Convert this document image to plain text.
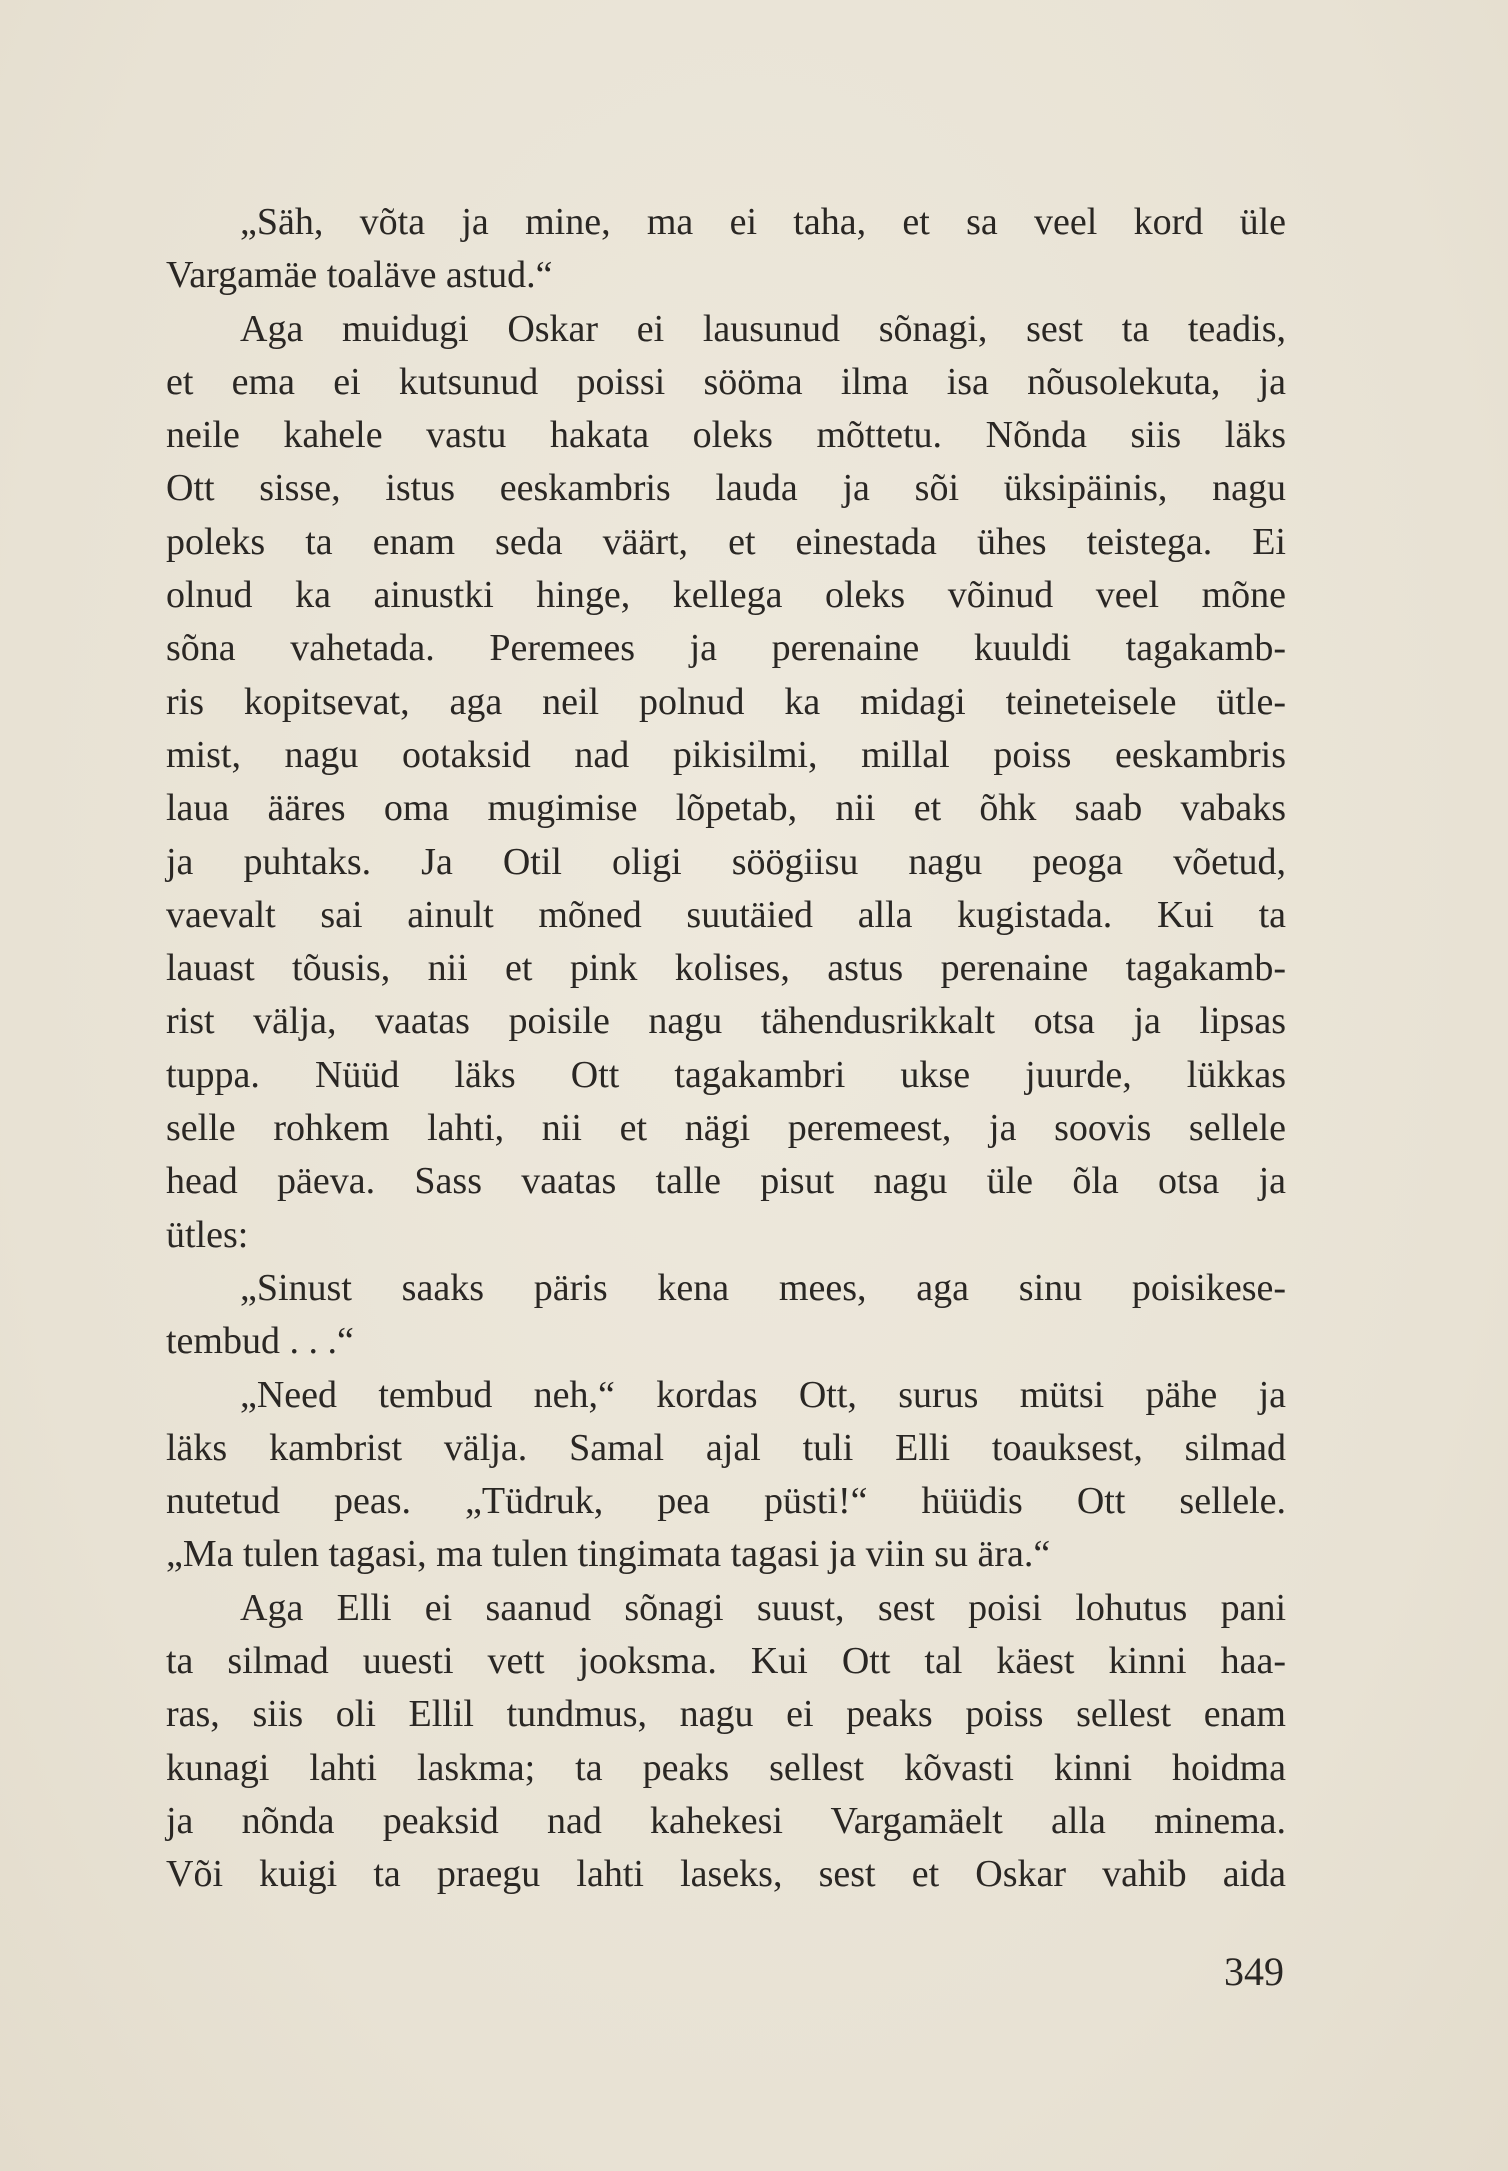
„Säh, võta ja mine, ma ei taha, et sa veel kord üle
Vargamäe toaläve astud.“
Aga muidugi Oskar ei lausunud sõnagi, sest ta teadis,
et ema ei kutsunud poissi sööma ilma isa nõusolekuta, ja
neile kahele vastu hakata oleks mõttetu. Nõnda siis läks
Ott sisse, istus eeskambris lauda ja sõi üksipäinis, nagu
poleks ta enam seda väärt, et einestada ühes teistega. Ei
olnud ka ainustki hinge, kellega oleks võinud veel mõne
sõna vahetada. Peremees ja perenaine kuuldi tagakamb-
ris kopitsevat, aga neil polnud ka midagi teineteisele ütle-
mist, nagu ootaksid nad pikisilmi, millal poiss eeskambris
laua ääres oma mugimise lõpetab, nii et õhk saab vabaks
ja puhtaks. Ja Otil oligi söögiisu nagu peoga võetud,
vaevalt sai ainult mõned suutäied alla kugistada. Kui ta
lauast tõusis, nii et pink kolises, astus perenaine tagakamb-
rist välja, vaatas poisile nagu tähendusrikkalt otsa ja lipsas
tuppa. Nüüd läks Ott tagakambri ukse juurde, lükkas
selle rohkem lahti, nii et nägi peremeest, ja soovis sellele
head päeva. Sass vaatas talle pisut nagu üle õla otsa ja
ütles:
„Sinust saaks päris kena mees, aga sinu poisikese-
tembud . . .“
„Need tembud neh,“ kordas Ott, surus mütsi pähe ja
läks kambrist välja. Samal ajal tuli Elli toauksest, silmad
nutetud peas. „Tüdruk, pea püsti!“ hüüdis Ott sellele.
„Ma tulen tagasi, ma tulen tingimata tagasi ja viin su ära.“
Aga Elli ei saanud sõnagi suust, sest poisi lohutus pani
ta silmad uuesti vett jooksma. Kui Ott tal käest kinni haa-
ras, siis oli Ellil tundmus, nagu ei peaks poiss sellest enam
kunagi lahti laskma; ta peaks sellest kõvasti kinni hoidma
ja nõnda peaksid nad kahekesi Vargamäelt alla minema.
Või kuigi ta praegu lahti laseks, sest et Oskar vahib aida
349
